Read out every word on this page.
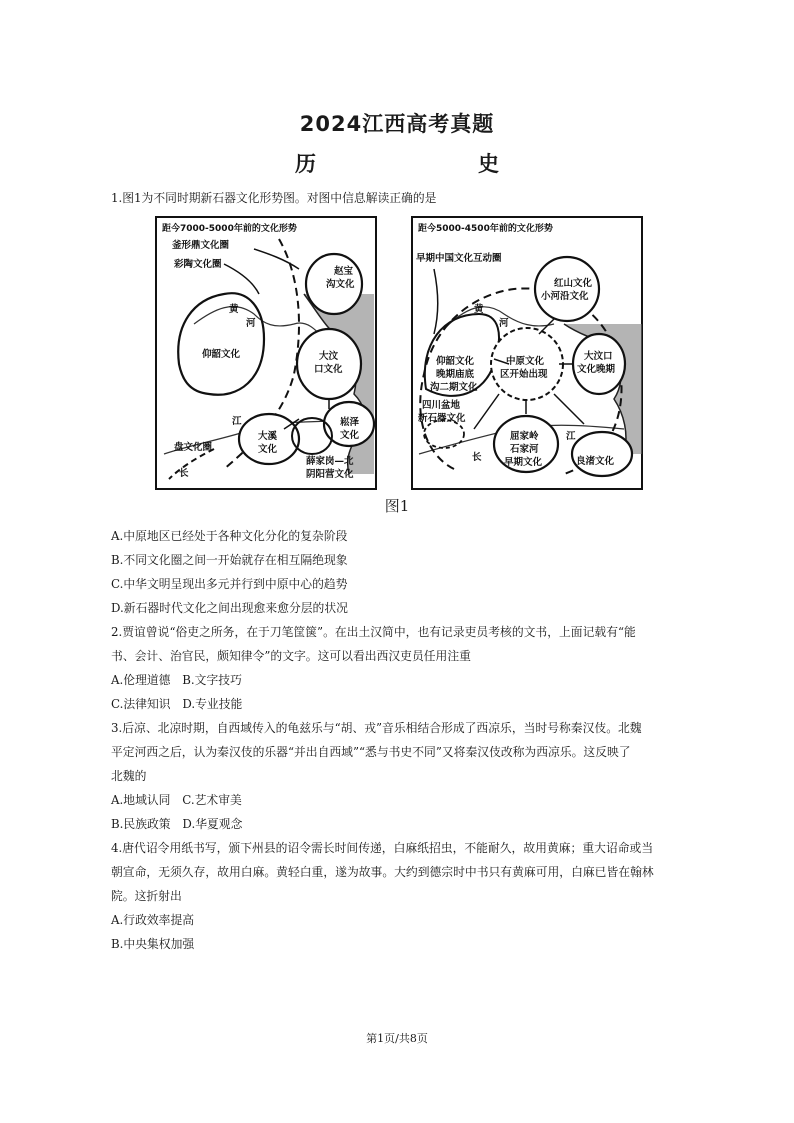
2024江西高考真题
历　　史
1.图1为不同时期新石器文化形势图。对图中信息解读正确的是
距今7000-5000年前的文化形势
釜形鼎文化圈
彩陶文化圈
赵宝
沟文化
黄
河
仰韶文化	大汶
口文化
江
大溪
文化
崧泽
文化
盘文化圈
长
薛家岗—北
阴阳营文化
距今5000-4500年前的文化形势
早期中国文化互动圈
红山文化
小河沿文化
黄
河
仰韶文化
晚期庙底
沟二期文化
中原文化
区开始出现
大汶口
文化晚期
四川盆地
新石器文化
屈家岭
石家河
早期文化
江
长	良渚文化
图1
A.中原地区已经处于各种文化分化的复杂阶段
B.不同文化圈之间一开始就存在相互隔绝现象
C.中华文明呈现出多元并行到中原中心的趋势
D.新石器时代文化之间出现愈来愈分层的状况
2.贾谊曾说“俗吏之所务，在于刀笔筐箧”。在出土汉简中，也有记录吏员考核的文书，上面记载有“能
书、会计、治官民，颇知律令”的文字。这可以看出西汉吏员任用注重
A.伦理道德　B.文字技巧
C.法律知识　D.专业技能
3.后凉、北凉时期，自西域传入的龟兹乐与“胡、戎”音乐相结合形成了西凉乐，当时号称秦汉伎。北魏
平定河西之后，认为秦汉伎的乐器“并出自西域”“悉与书史不同”又将秦汉伎改称为西凉乐。这反映了
北魏的
A.地域认同　C.艺术审美
B.民族政策　D.华夏观念
4.唐代诏令用纸书写，颁下州县的诏令需长时间传递，白麻纸招虫，不能耐久，故用黄麻；重大诏命或当
朝宣命，无须久存，故用白麻。黄轻白重，遂为故事。大约到德宗时中书只有黄麻可用，白麻已皆在翰林
院。这折射出
A.行政效率提高
B.中央集权加强
第1页/共8页
